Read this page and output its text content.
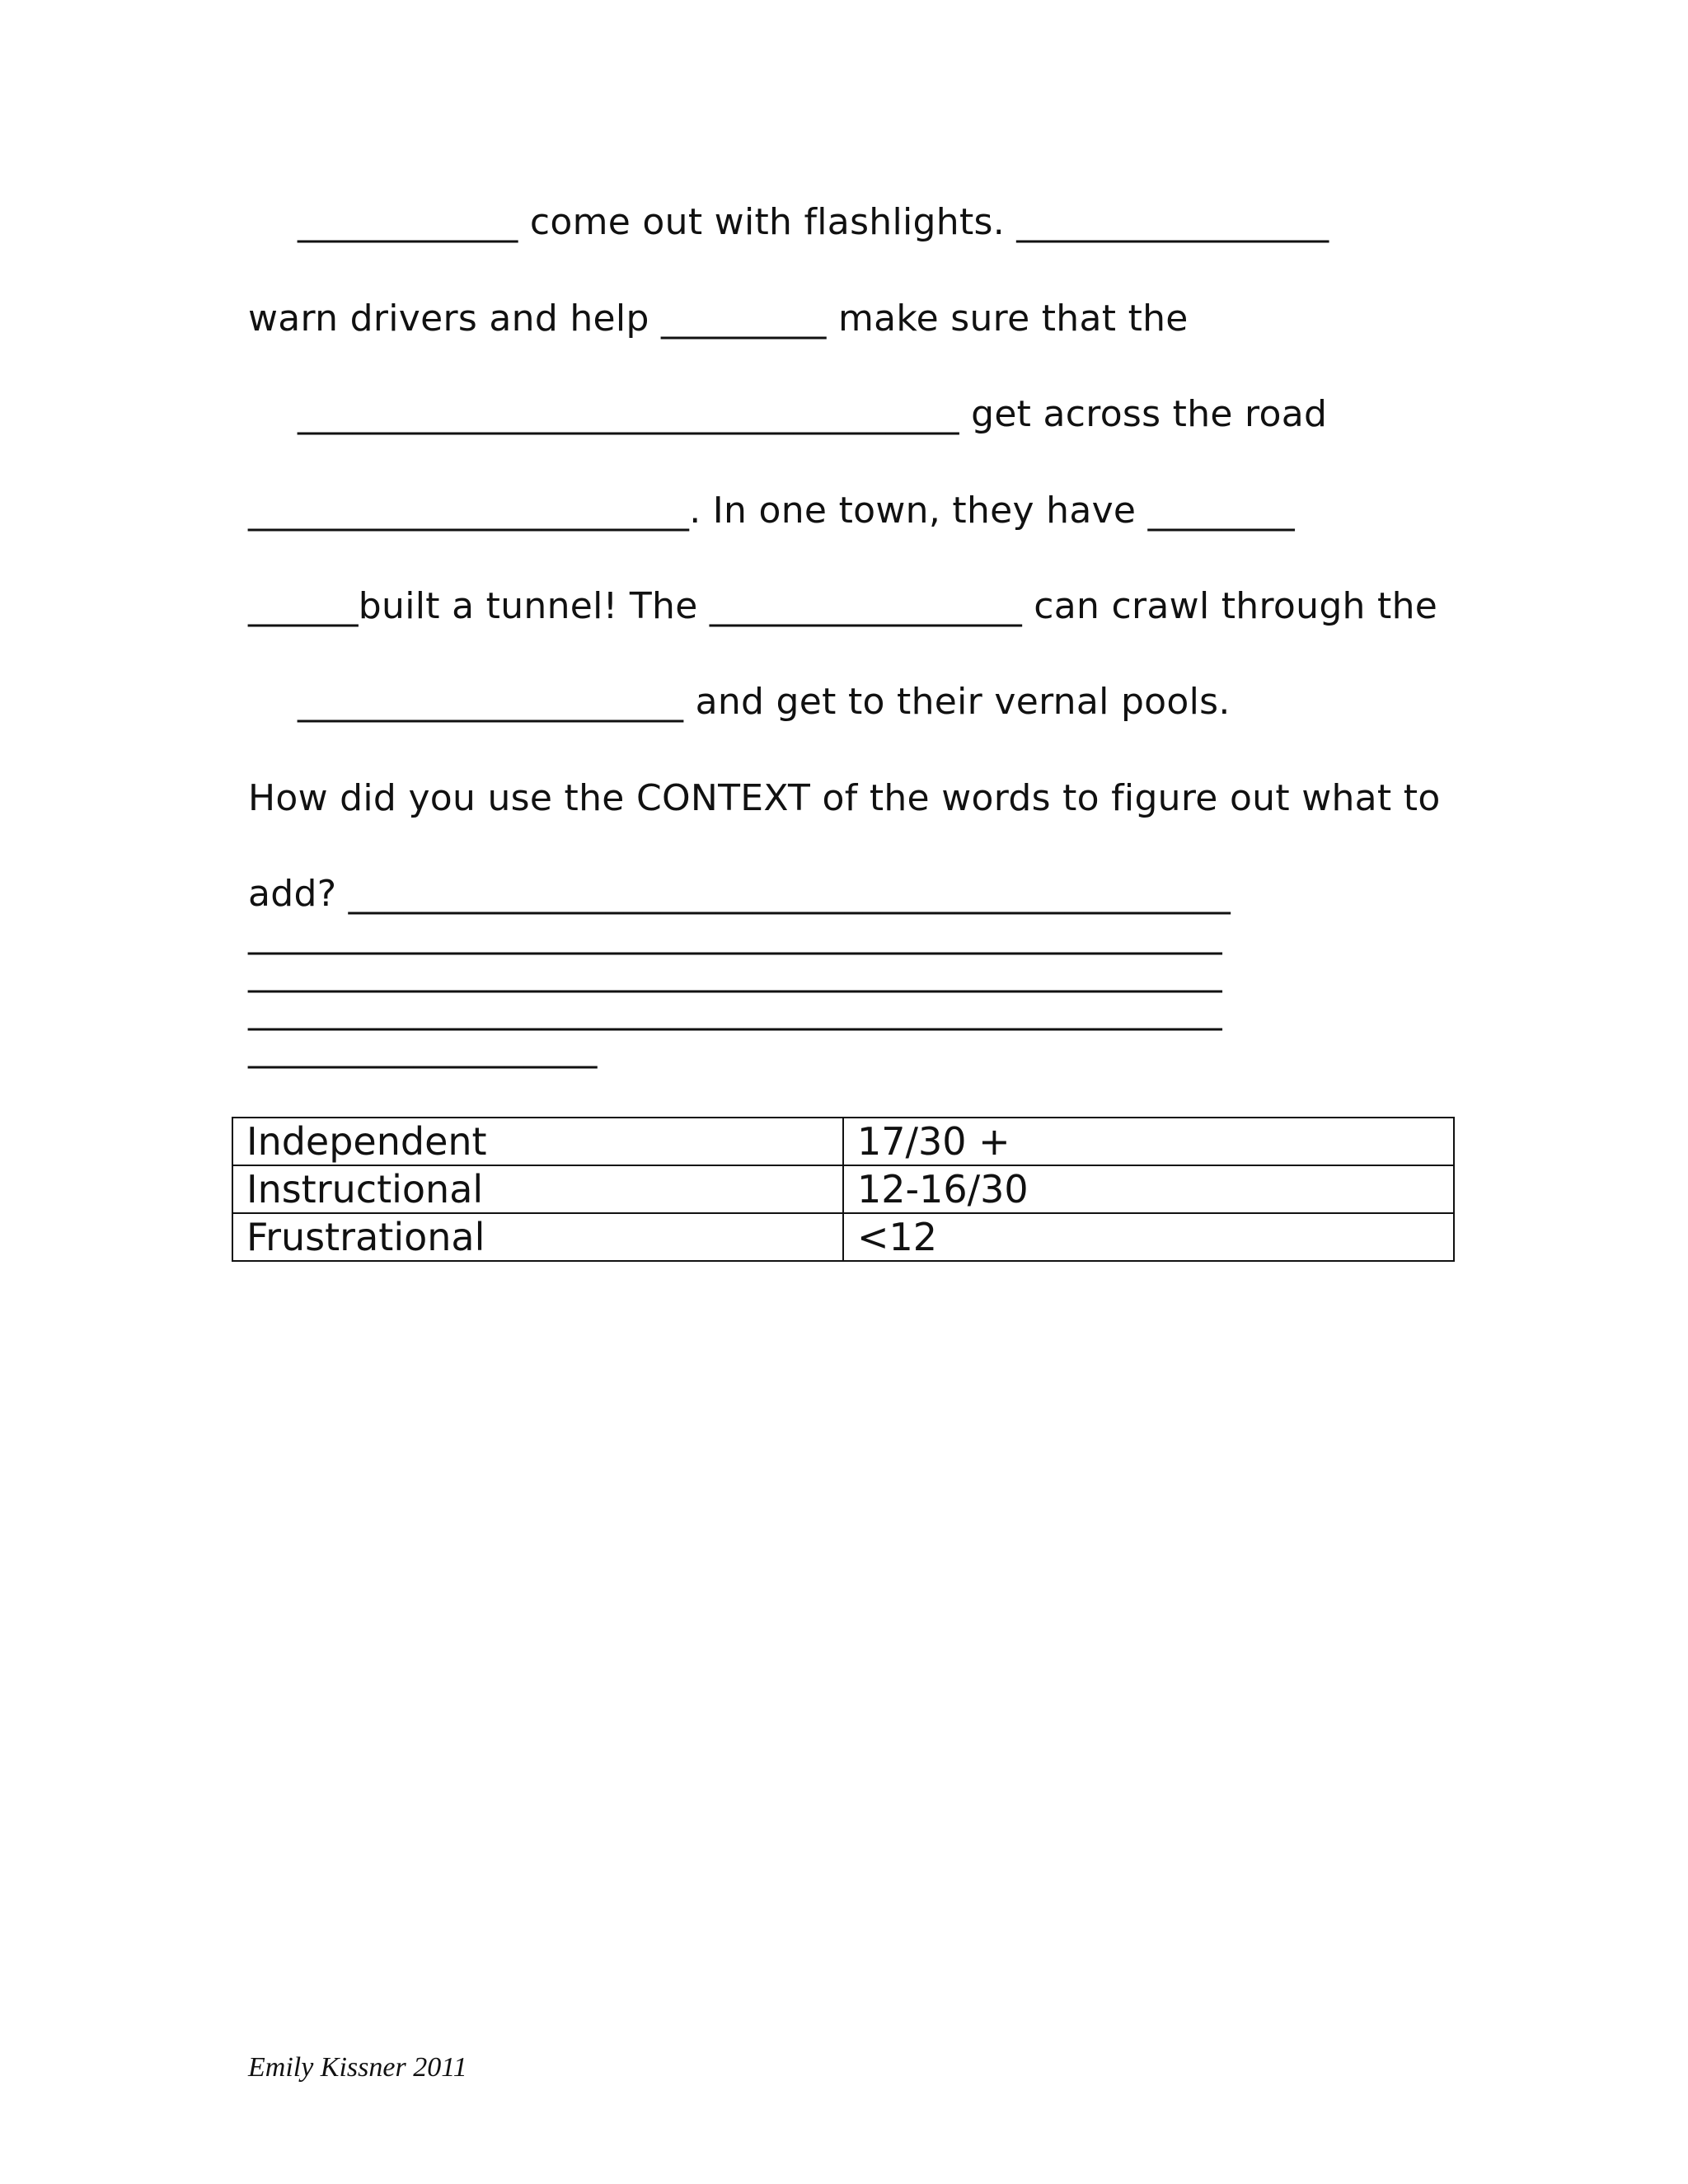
____________ come out with flashlights. _________________
warn drivers and help _________ make sure that the
____________________________________ get across the road
________________________. In one town, they have ________
______built a tunnel! The _________________ can crawl through the
_____________________ and get to their vernal pools.
How did you use the CONTEXT of the words to figure out what to
add? ________________________________________________
_____________________________________________________
_____________________________________________________
_____________________________________________________
___________________
Independent	17/30 +
Instructional	12-16/30
Frustrational	<12
Emily Kissner 2011
